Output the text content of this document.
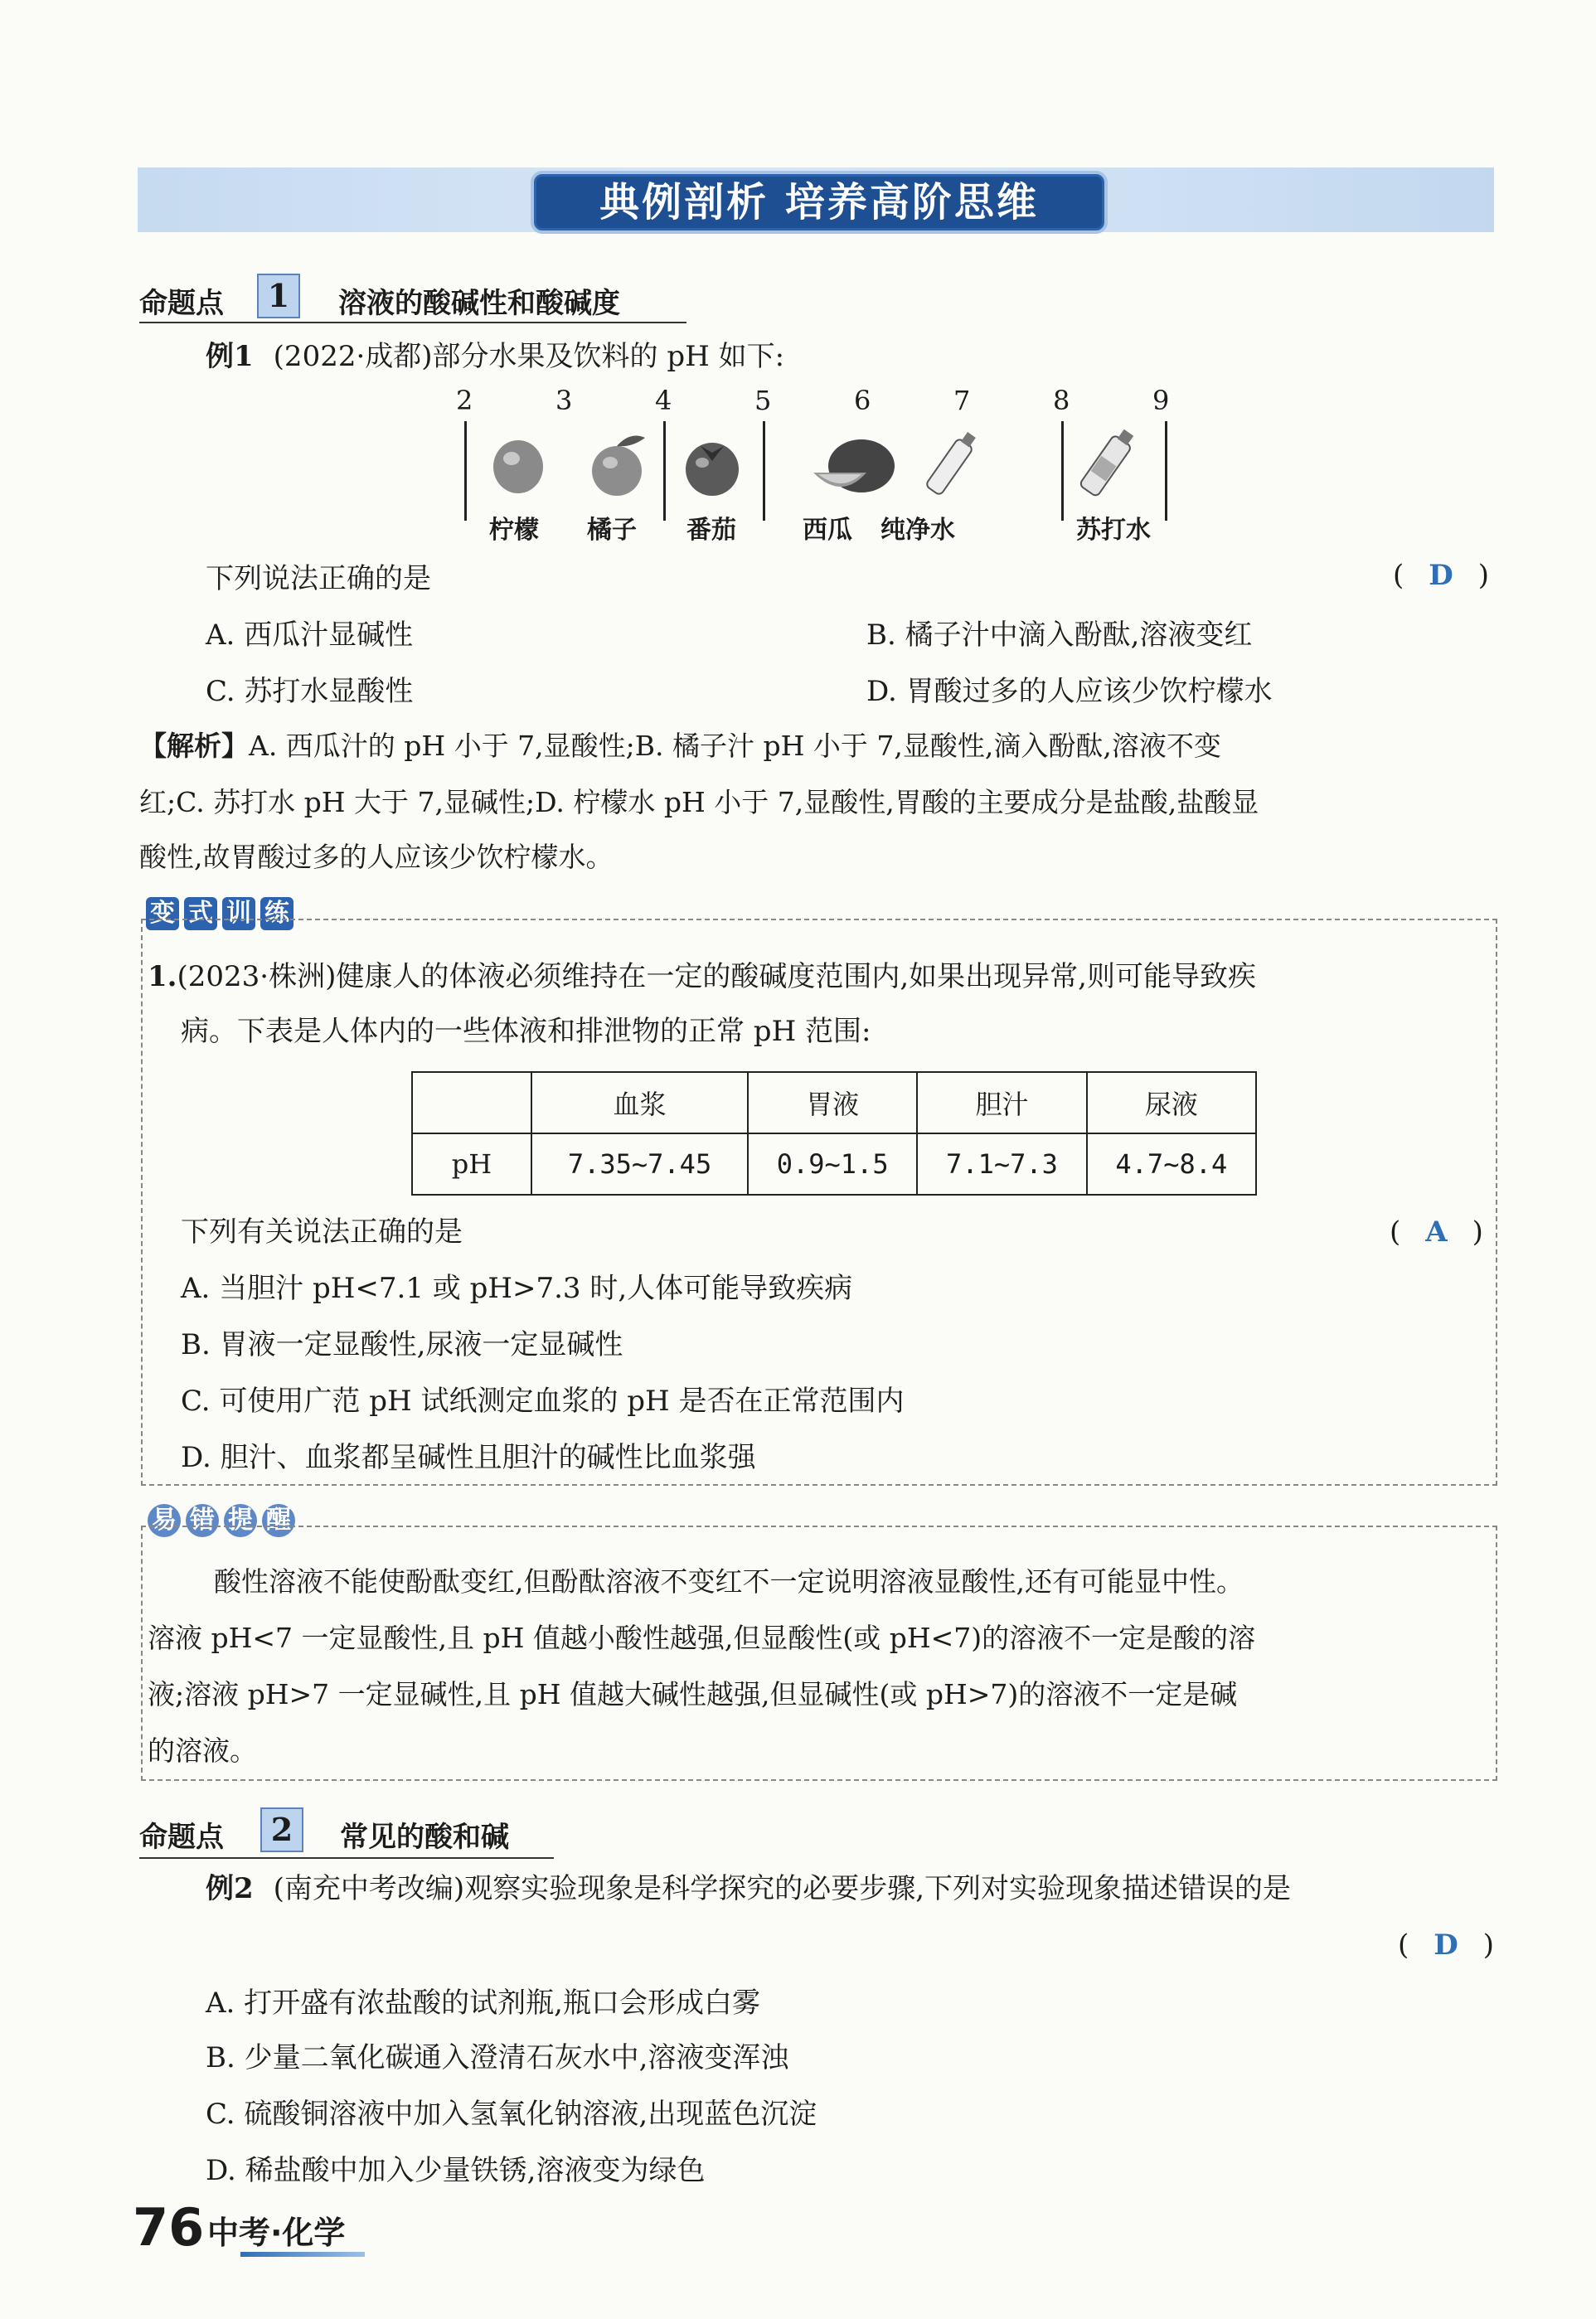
典例剖析 培养高阶思维
命题点	1	溶液的酸碱性和酸碱度
例1 (2022·成都)部分水果及饮料的 pH 如下:
2	3	4	5	6	7	8	9
柠檬 橘子 番茄	西瓜 纯净水	苏打水
下列说法正确的是	( D )
A. 西瓜汁显碱性	B. 橘子汁中滴入酚酞,溶液变红
C. 苏打水显酸性	D. 胃酸过多的人应该少饮柠檬水
【解析】A. 西瓜汁的 pH 小于 7,显酸性;B. 橘子汁 pH 小于 7,显酸性,滴入酚酞,溶液不变
红;C. 苏打水 pH 大于 7,显碱性;D. 柠檬水 pH 小于 7,显酸性,胃酸的主要成分是盐酸,盐酸显
酸性,故胃酸过多的人应该少饮柠檬水。
变 式 训 练
1.(2023·株洲)健康人的体液必须维持在一定的酸碱度范围内,如果出现异常,则可能导致疾
病。下表是人体内的一些体液和排泄物的正常 pH 范围:
	血浆	胃液	胆汁	尿液
pH	7.35~7.45	0.9~1.5	7.1~7.3	4.7~8.4
下列有关说法正确的是	( A )
A. 当胆汁 pH<7.1 或 pH>7.3 时,人体可能导致疾病
B. 胃液一定显酸性,尿液一定显碱性
C. 可使用广范 pH 试纸测定血浆的 pH 是否在正常范围内
D. 胆汁、血浆都呈碱性且胆汁的碱性比血浆强
易 错 提 醒
酸性溶液不能使酚酞变红,但酚酞溶液不变红不一定说明溶液显酸性,还有可能显中性。
溶液 pH<7 一定显酸性,且 pH 值越小酸性越强,但显酸性(或 pH<7)的溶液不一定是酸的溶
液;溶液 pH>7 一定显碱性,且 pH 值越大碱性越强,但显碱性(或 pH>7)的溶液不一定是碱
的溶液。
命题点	2	常见的酸和碱
例2 (南充中考改编)观察实验现象是科学探究的必要步骤,下列对实验现象描述错误的是
( D )
A. 打开盛有浓盐酸的试剂瓶,瓶口会形成白雾
B. 少量二氧化碳通入澄清石灰水中,溶液变浑浊
C. 硫酸铜溶液中加入氢氧化钠溶液,出现蓝色沉淀
D. 稀盐酸中加入少量铁锈,溶液变为绿色
76 中考·化学
